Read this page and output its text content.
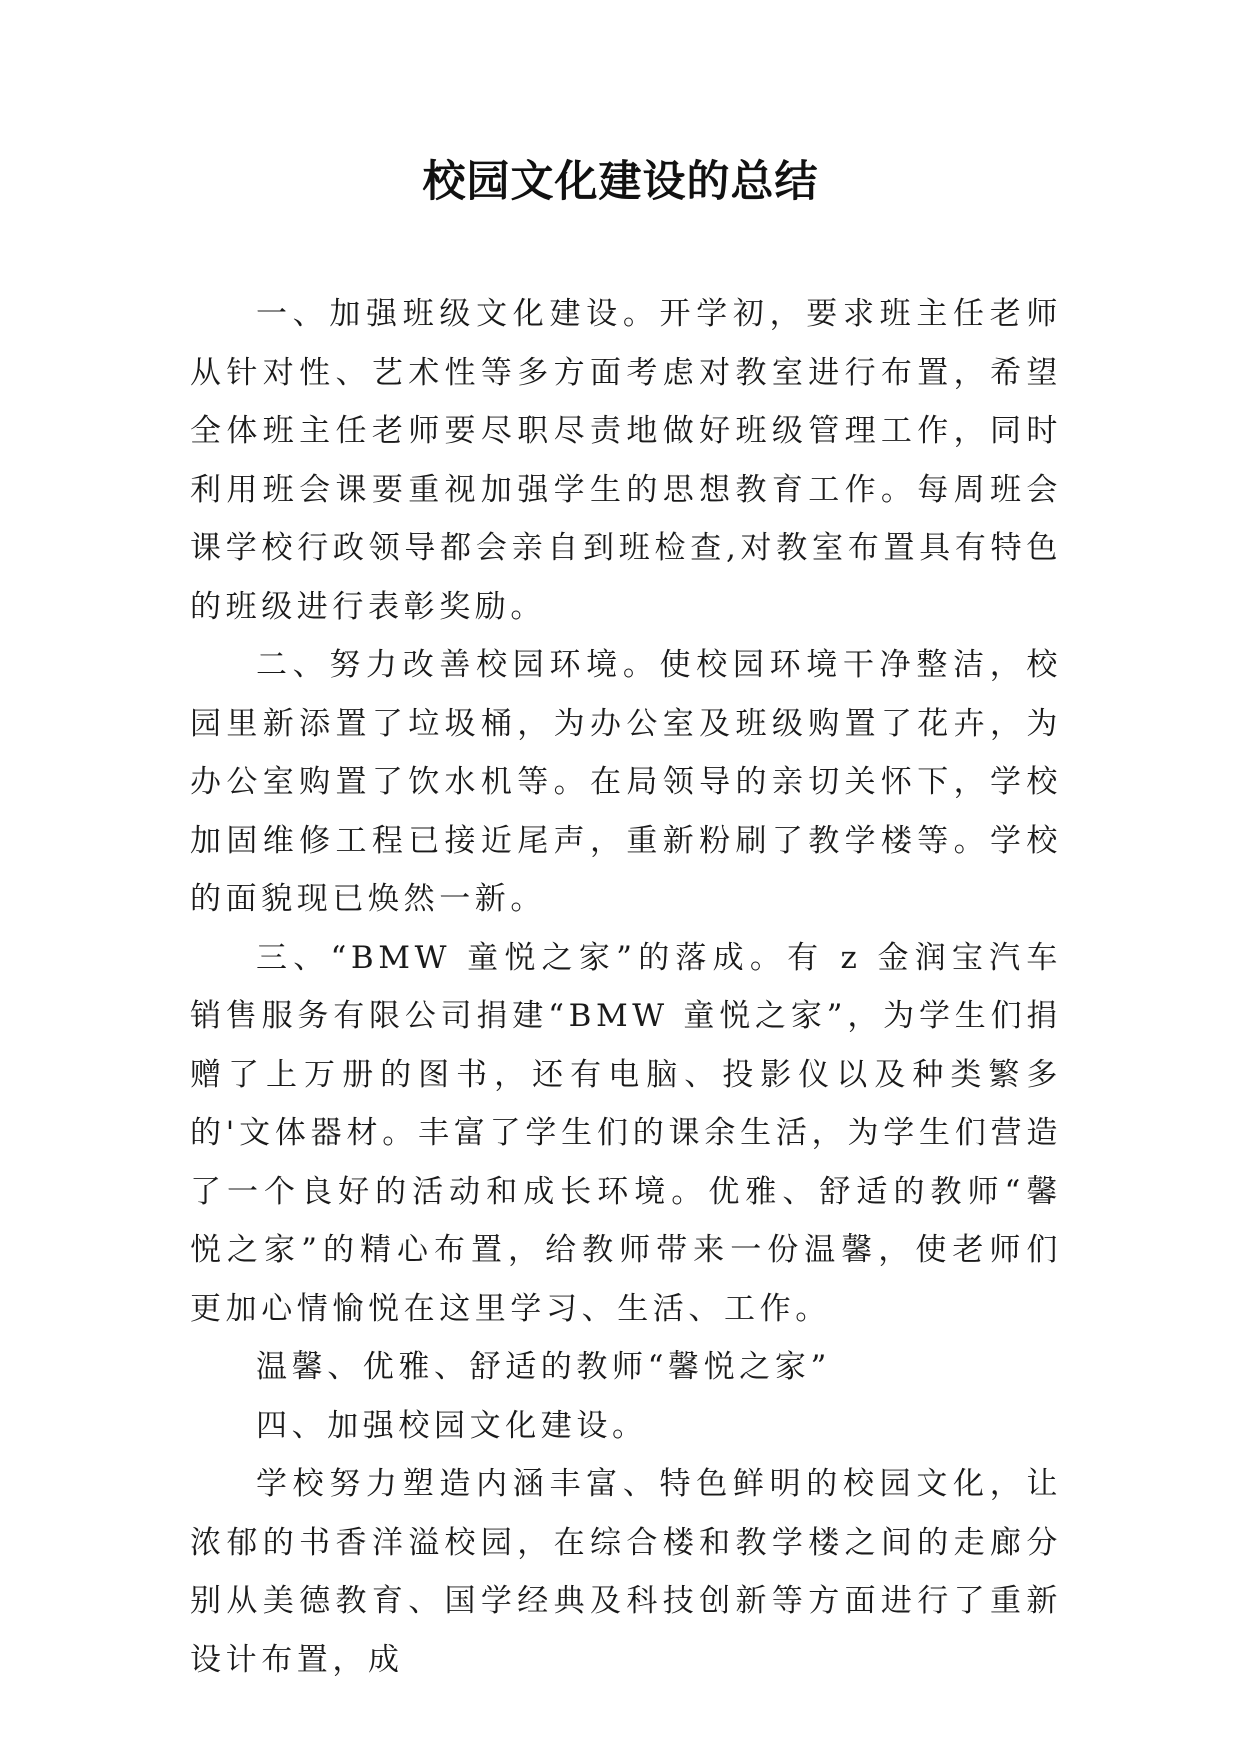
校园文化建设的总结

一、加强班级文化建设。开学初，要求班主任老师从针对性、艺术性等多方面考虑对教室进行布置，希望全体班主任老师要尽职尽责地做好班级管理工作，同时利用班会课要重视加强学生的思想教育工作。每周班会课学校行政领导都会亲自到班检查,对教室布置具有特色的班级进行表彰奖励。

二、努力改善校园环境。使校园环境干净整洁，校园里新添置了垃圾桶，为办公室及班级购置了花卉，为办公室购置了饮水机等。在局领导的亲切关怀下，学校加固维修工程已接近尾声，重新粉刷了教学楼等。学校的面貌现已焕然一新。

三、“BMW 童悦之家”的落成。有 z 金润宝汽车销售服务有限公司捐建“BMW 童悦之家”，为学生们捐赠了上万册的图书，还有电脑、投影仪以及种类繁多的'文体器材。丰富了学生们的课余生活，为学生们营造了一个良好的活动和成长环境。优雅、舒适的教师“馨悦之家”的精心布置，给教师带来一份温馨，使老师们更加心情愉悦在这里学习、生活、工作。

温馨、优雅、舒适的教师“馨悦之家”

四、加强校园文化建设。

学校努力塑造内涵丰富、特色鲜明的校园文化，让浓郁的书香洋溢校园，在综合楼和教学楼之间的走廊分别从美德教育、国学经典及科技创新等方面进行了重新设计布置，成
